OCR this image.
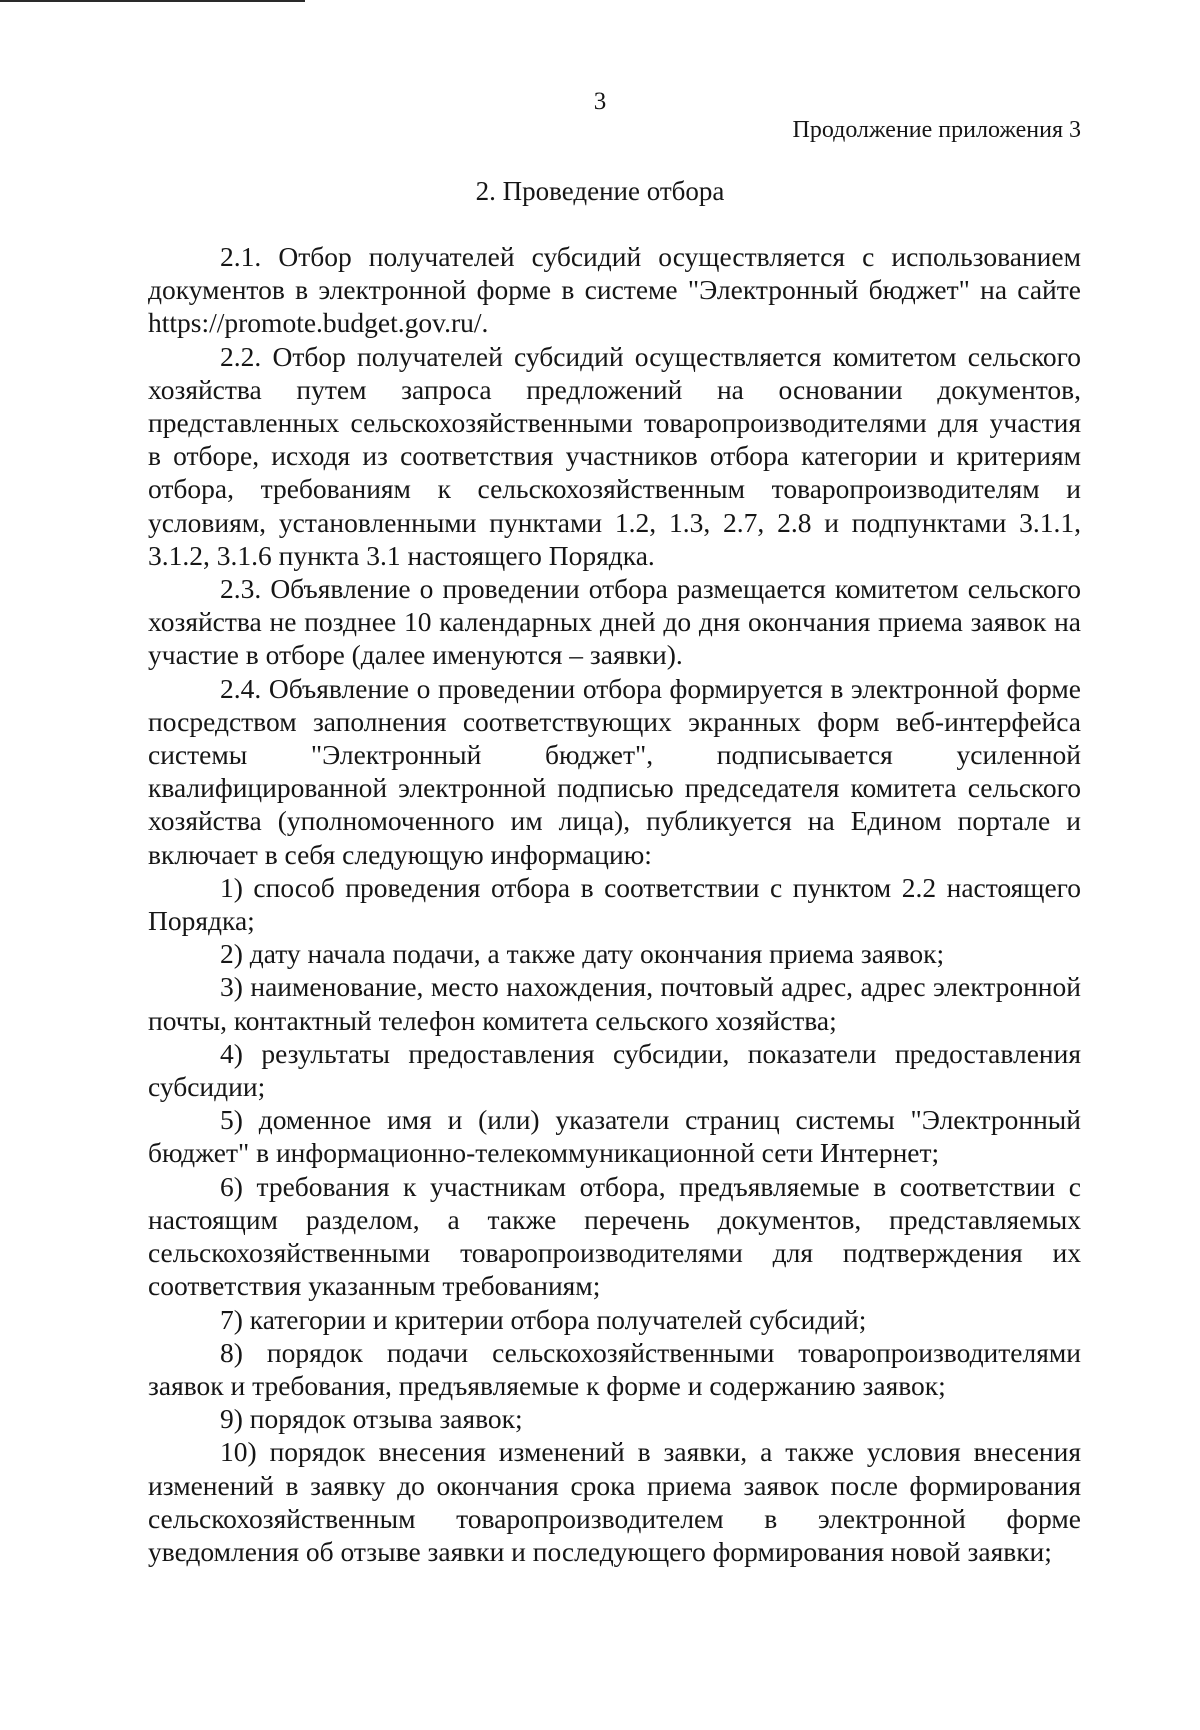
3
Продолжение приложения 3
2. Проведение отбора

2.1. Отбор получателей субсидий осуществляется с использованием документов в электронной форме в системе "Электронный бюджет" на сайте https://promote.budget.gov.ru/.

2.2. Отбор получателей субсидий осуществляется комитетом сельского хозяйства путем запроса предложений на основании документов, представленных сельскохозяйственными товаропроизводителями для участия в отборе, исходя из соответствия участников отбора категории и критериям отбора, требованиям к сельскохозяйственным товаропроизводителям и условиям, установленными пунктами 1.2, 1.3, 2.7, 2.8 и подпунктами 3.1.1, 3.1.2, 3.1.6 пункта 3.1 настоящего Порядка.

2.3. Объявление о проведении отбора размещается комитетом сельского хозяйства не позднее 10 календарных дней до дня окончания приема заявок на участие в отборе (далее именуются – заявки).

2.4. Объявление о проведении отбора формируется в электронной форме посредством заполнения соответствующих экранных форм веб-интерфейса системы "Электронный бюджет", подписывается усиленной квалифицированной электронной подписью председателя комитета сельского хозяйства (уполномоченного им лица), публикуется на Едином портале и включает в себя следующую информацию:

1) способ проведения отбора в соответствии с пунктом 2.2 настоящего Порядка;

2) дату начала подачи, а также дату окончания приема заявок;

3) наименование, место нахождения, почтовый адрес, адрес электронной почты, контактный телефон комитета сельского хозяйства;

4) результаты предоставления субсидии, показатели предоставления субсидии;

5) доменное имя и (или) указатели страниц системы "Электронный бюджет" в информационно-телекоммуникационной сети Интернет;

6) требования к участникам отбора, предъявляемые в соответствии с настоящим разделом, а также перечень документов, представляемых сельскохозяйственными товаропроизводителями для подтверждения их соответствия указанным требованиям;

7) категории и критерии отбора получателей субсидий;

8) порядок подачи сельскохозяйственными товаропроизводителями заявок и требования, предъявляемые к форме и содержанию заявок;

9) порядок отзыва заявок;

10) порядок внесения изменений в заявки, а также условия внесения изменений в заявку до окончания срока приема заявок после формирования сельскохозяйственным товаропроизводителем в электронной форме уведомления об отзыве заявки и последующего формирования новой заявки;
